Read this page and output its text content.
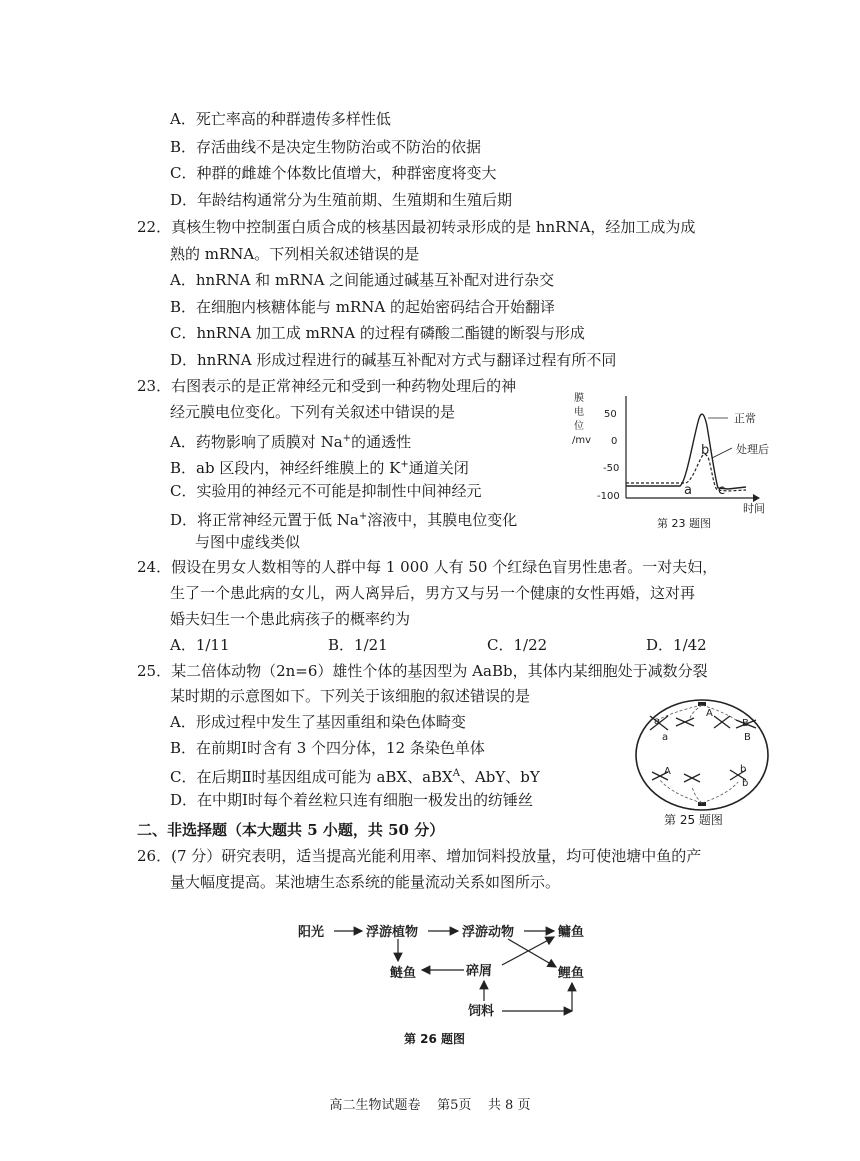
A．死亡率高的种群遗传多样性低
B．存活曲线不是决定生物防治或不防治的依据
C．种群的雌雄个体数比值增大，种群密度将变大
D．年龄结构通常分为生殖前期、生殖期和生殖后期
22．真核生物中控制蛋白质合成的核基因最初转录形成的是 hnRNA，经加工成为成
熟的 mRNA。下列相关叙述错误的是
A．hnRNA 和 mRNA 之间能通过碱基互补配对进行杂交
B．在细胞内核糖体能与 mRNA 的起始密码结合开始翻译
C．hnRNA 加工成 mRNA 的过程有磷酸二酯键的断裂与形成
D．hnRNA 形成过程进行的碱基互补配对方式与翻译过程有所不同
23．右图表示的是正常神经元和受到一种药物处理后的神
经元膜电位变化。下列有关叙述中错误的是
A．药物影响了质膜对 Na+的通透性
B．ab 区段内，神经纤维膜上的 K+通道关闭
C．实验用的神经元不可能是抑制性中间神经元
D．将正常神经元置于低 Na+溶液中，其膜电位变化
与图中虚线类似
膜
电
位
/mv
50
0
-50
-100
正常
处理后
a
b
c
时间
第 23 题图
24．假设在男女人数相等的人群中每 1 000 人有 50 个红绿色盲男性患者。一对夫妇，
生了一个患此病的女儿，两人离异后，男方又与另一个健康的女性再婚，这对再
婚夫妇生一个患此病孩子的概率约为
A．1/11	B．1/21	C．1/22	D．1/42
25．某二倍体动物（2n=6）雄性个体的基因型为 AaBb，其体内某细胞处于减数分裂
某时期的示意图如下。下列关于该细胞的叙述错误的是
A．形成过程中发生了基因重组和染色体畸变
B．在前期Ⅰ时含有 3 个四分体，12 条染色单体
C．在后期Ⅱ时基因组成可能为 aBX、aBX$^A$、AbY、bY
D．在中期Ⅰ时每个着丝粒只连有细胞一极发出的纺锤丝
a
A
a
B
B
A	b
b
第 25 题图
二、非选择题（本大题共 5 小题，共 50 分）
26．(7 分）研究表明，适当提高光能利用率、增加饲料投放量，均可使池塘中鱼的产
量大幅度提高。某池塘生态系统的能量流动关系如图所示。
阳光	浮游植物	浮游动物	鳙鱼
鲢鱼	碎屑	鲤鱼
饲料
第 26 题图
高二生物试题卷 第5页 共 8 页
